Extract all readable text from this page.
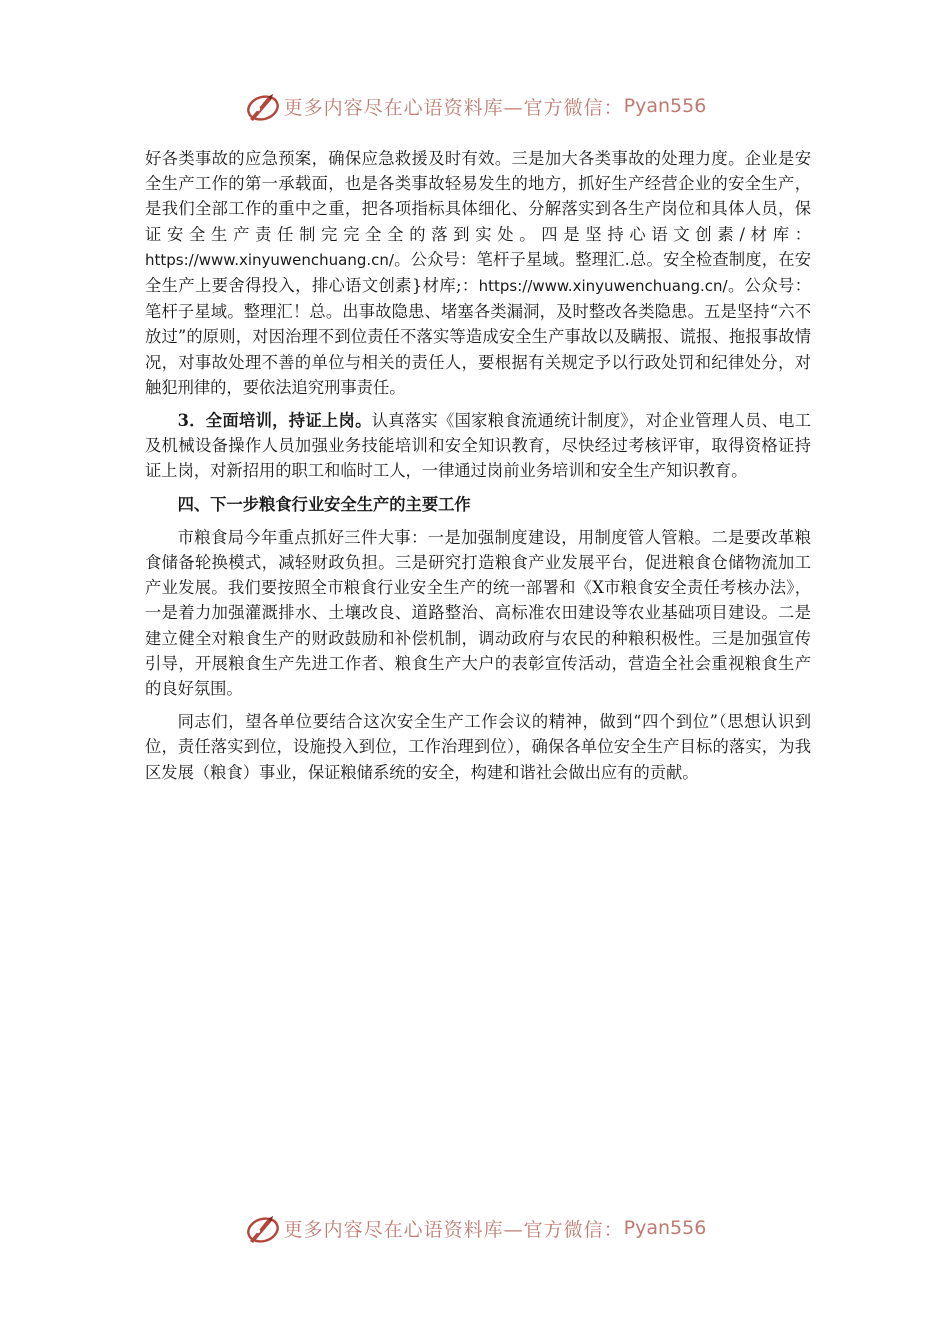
更多内容尽在心语资料库—官方微信： Pyan556

好各类事故的应急预案，确保应急救援及时有效。三是加大各类事故的处理力度。企业是安全生产工作的第一承载面，也是各类事故轻易发生的地方，抓好生产经营企业的安全生产，是我们全部工作的重中之重，把各项指标具体细化、分解落实到各生产岗位和具体人员，保证安全生产责任制完完全全的落到实处。四是坚持心语文创素/材库：https://www.xinyuwenchuang.cn/。公众号：笔杆子星域。整理汇.总。安全检查制度，在安全生产上要舍得投入，排心语文创素}材库;：https://www.xinyuwenchuang.cn/。公众号：笔杆子星域。整理汇！总。出事故隐患、堵塞各类漏洞，及时整改各类隐患。五是坚持“六不放过”的原则，对因治理不到位责任不落实等造成安全生产事故以及瞒报、谎报、拖报事故情况，对事故处理不善的单位与相关的责任人，要根据有关规定予以行政处罚和纪律处分，对触犯刑律的，要依法追究刑事责任。

3．全面培训，持证上岗。认真落实《国家粮食流通统计制度》，对企业管理人员、电工及机械设备操作人员加强业务技能培训和安全知识教育，尽快经过考核评审，取得资格证持证上岗，对新招用的职工和临时工人，一律通过岗前业务培训和安全生产知识教育。

四、下一步粮食行业安全生产的主要工作

市粮食局今年重点抓好三件大事：一是加强制度建设，用制度管人管粮。二是要改革粮食储备轮换模式，减轻财政负担。三是研究打造粮食产业发展平台，促进粮食仓储物流加工产业发展。我们要按照全市粮食行业安全生产的统一部署和《X市粮食安全责任考核办法》，一是着力加强灌溉排水、土壤改良、道路整治、高标准农田建设等农业基础项目建设。二是建立健全对粮食生产的财政鼓励和补偿机制，调动政府与农民的种粮积极性。三是加强宣传引导，开展粮食生产先进工作者、粮食生产大户的表彰宣传活动，营造全社会重视粮食生产的良好氛围。

同志们，望各单位要结合这次安全生产工作会议的精神，做到“四个到位”（思想认识到位，责任落实到位，设施投入到位，工作治理到位），确保各单位安全生产目标的落实，为我区发展（粮食）事业，保证粮储系统的安全，构建和谐社会做出应有的贡献。

更多内容尽在心语资料库—官方微信： Pyan556
